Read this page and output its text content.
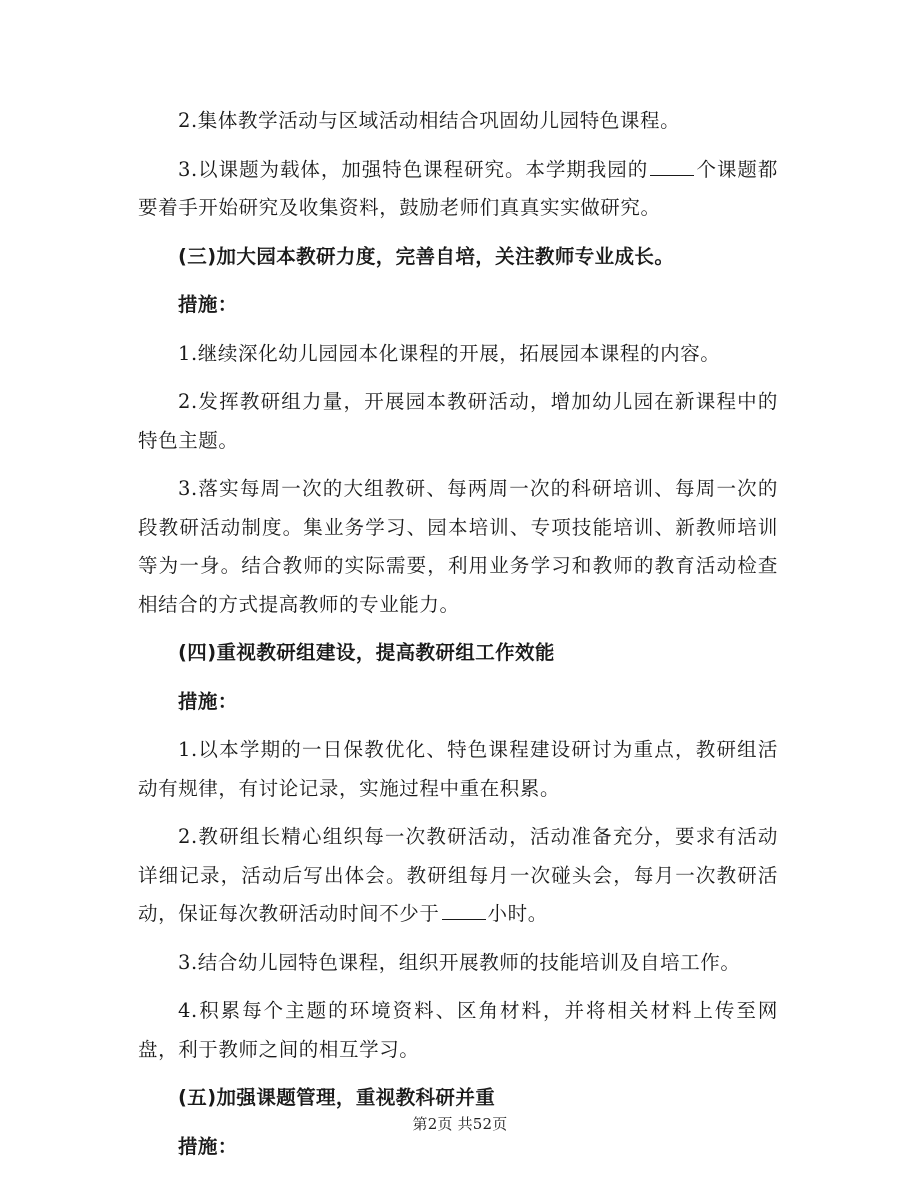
2.集体教学活动与区域活动相结合巩固幼儿园特色课程。

3.以课题为载体，加强特色课程研究。本学期我园的 个课题都要着手开始研究及收集资料，鼓励老师们真真实实做研究。

(三)加大园本教研力度，完善自培，关注教师专业成长。

措施：

1.继续深化幼儿园园本化课程的开展，拓展园本课程的内容。

2.发挥教研组力量，开展园本教研活动，增加幼儿园在新课程中的特色主题。

3.落实每周一次的大组教研、每两周一次的科研培训、每周一次的段教研活动制度。集业务学习、园本培训、专项技能培训、新教师培训等为一身。结合教师的实际需要，利用业务学习和教师的教育活动检查相结合的方式提高教师的专业能力。

(四)重视教研组建设，提高教研组工作效能

措施：

1.以本学期的一日保教优化、特色课程建设研讨为重点，教研组活动有规律，有讨论记录，实施过程中重在积累。

2.教研组长精心组织每一次教研活动，活动准备充分，要求有活动详细记录，活动后写出体会。教研组每月一次碰头会，每月一次教研活动，保证每次教研活动时间不少于 小时。

3.结合幼儿园特色课程，组织开展教师的技能培训及自培工作。

4.积累每个主题的环境资料、区角材料，并将相关材料上传至网盘，利于教师之间的相互学习。

(五)加强课题管理，重视教科研并重

措施：

第2页 共52页
